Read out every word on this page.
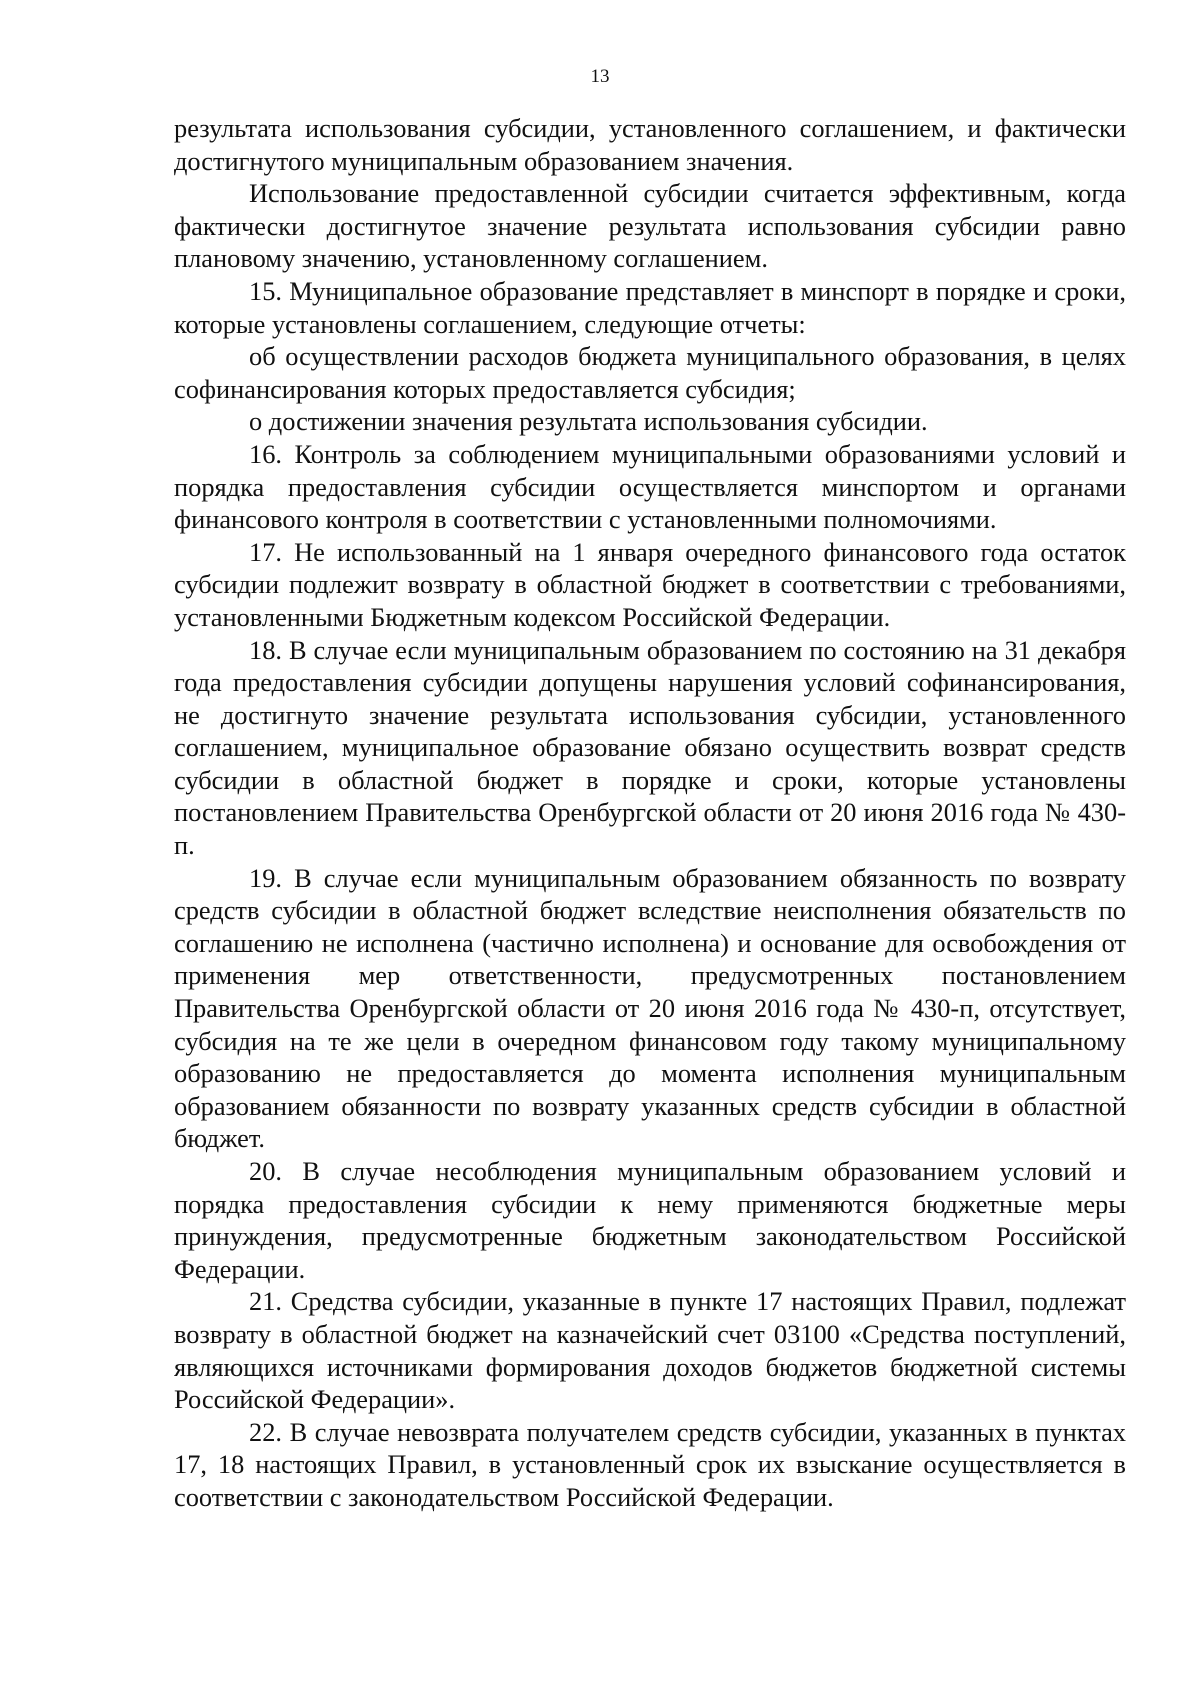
13

результата использования субсидии, установленного соглашением, и фактически достигнутого муниципальным образованием значения.

Использование предоставленной субсидии считается эффективным, когда фактически достигнутое значение результата использования субсидии равно плановому значению, установленному соглашением.

15. Муниципальное образование представляет в минспорт в порядке и сроки, которые установлены соглашением, следующие отчеты:

об осуществлении расходов бюджета муниципального образования, в целях софинансирования которых предоставляется субсидия;

о достижении значения результата использования субсидии.

16. Контроль за соблюдением муниципальными образованиями условий и порядка предоставления субсидии осуществляется минспортом и органами финансового контроля в соответствии с установленными полномочиями.

17. Не использованный на 1 января очередного финансового года остаток субсидии подлежит возврату в областной бюджет в соответствии с требованиями, установленными Бюджетным кодексом Российской Федерации.

18. В случае если муниципальным образованием по состоянию на 31 декабря года предоставления субсидии допущены нарушения условий софинансирования, не достигнуто значение результата использования субсидии, установленного соглашением, муниципальное образование обязано осуществить возврат средств субсидии в областной бюджет в порядке и сроки, которые установлены постановлением Правительства Оренбургской области от 20 июня 2016 года № 430-п.

19. В случае если муниципальным образованием обязанность по возврату средств субсидии в областной бюджет вследствие неисполнения обязательств по соглашению не исполнена (частично исполнена) и основание для освобождения от применения мер ответственности, предусмотренных постановлением Правительства Оренбургской области от 20 июня 2016 года № 430-п, отсутствует, субсидия на те же цели в очередном финансовом году такому муниципальному образованию не предоставляется до момента исполнения муниципальным образованием обязанности по возврату указанных средств субсидии в областной бюджет.

20. В случае несоблюдения муниципальным образованием условий и порядка предоставления субсидии к нему применяются бюджетные меры принуждения, предусмотренные бюджетным законодательством Российской Федерации.

21. Средства субсидии, указанные в пункте 17 настоящих Правил, подлежат возврату в областной бюджет на казначейский счет 03100 «Средства поступлений, являющихся источниками формирования доходов бюджетов бюджетной системы Российской Федерации».

22. В случае невозврата получателем средств субсидии, указанных в пунктах 17, 18 настоящих Правил, в установленный срок их взыскание осуществляется в соответствии с законодательством Российской Федерации.
